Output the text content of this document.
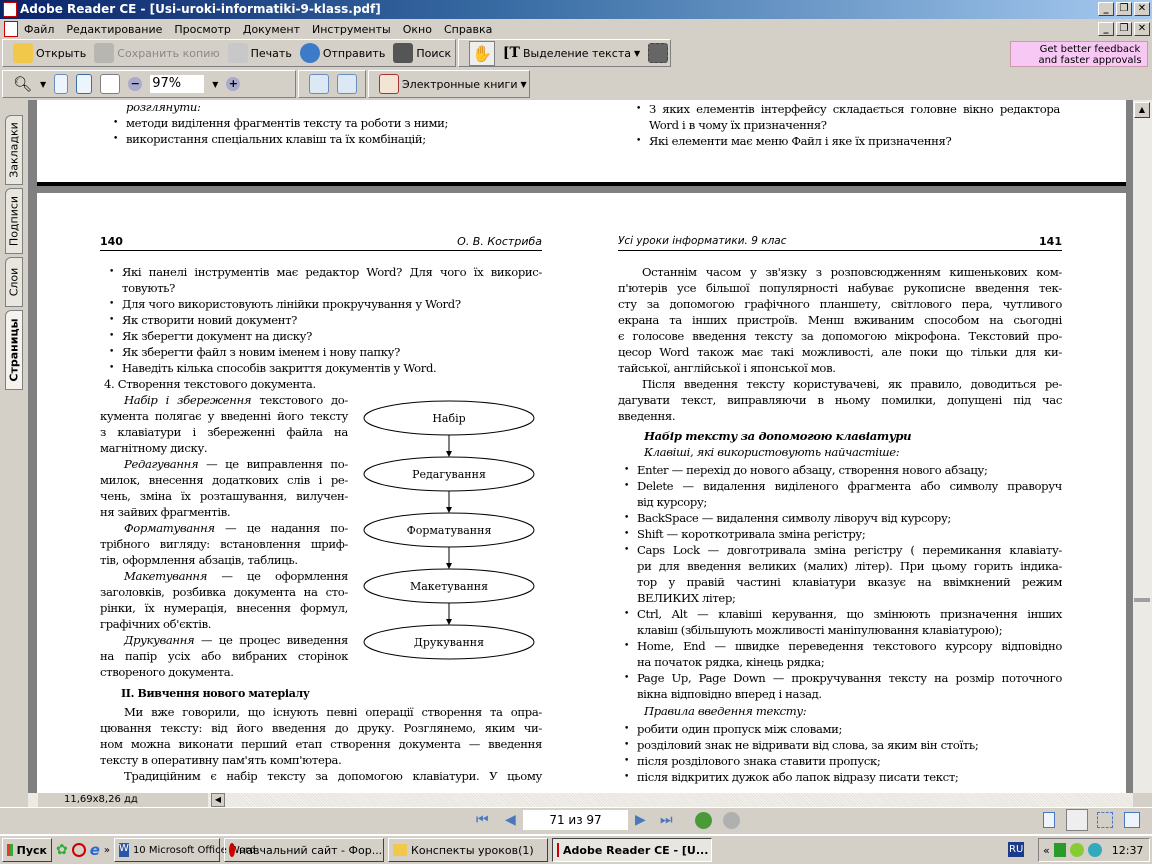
Adobe Reader CE - [Usi-uroki-informatiki-9-klass.pdf]	_	❐ ✕
Файл Редактирование Просмотр Документ Инструменты Окно Справка	_	❐ ✕
Открыть	Сохранить копию	Печать	Отправить	Поиск ✋ [T Выделение текста ▼	Get better feedback
and faster approvals
🔍︎ ▼	− 97%	▼ +	Электронные книги ▼
Закладки
Подписи
Слои
Страницы
розглянути:
• методи виділення фрагментів тексту та роботи з ними;
• використання спеціальних клавіш та їх комбінацій;
• З яких елементів інтерфейсу складається головне вікно редактора
Word і в чому їх призначення?
• Які елементи має меню Файл і яке їх призначення?
140	О. В. Костриба	Усі уроки інформатики. 9 клас	141
• Які панелі інструментів має редактор Word? Для чого їх викорис-
товують?
• Для чого використовують лінійки прокручування у Word?
• Як створити новий документ?
• Як зберегти документ на диску?
• Як зберегти файл з новим іменем і нову папку?
• Наведіть кілька способів закриття документів у Word.
4. Створення текстового документа.
Набір і збереження текстового до-
кумента полягає у введенні його тексту
з клавіатури і збереженні файла на
магнітному диску.
Редагування — це виправлення по-
милок, внесення додаткових слів і ре-
чень, зміна їх розташування, вилучен-
ня зайвих фрагментів.
Форматування — це надання по-
трібного вигляду: встановлення шриф-
тів, оформлення абзаців, таблиць.
Макетування — це оформлення
заголовків, розбивка документа на сто-
рінки, їх нумерація, внесення формул,
графічних об'єктів.
Друкування — це процес виведення
на папір усіх або вибраних сторінок
створеного документа.
Набір
Редагування
Форматування
Макетування
Друкування
II. Вивчення нового матеріалу
Ми вже говорили, що існують певні операції створення та опра-
цювання тексту: від його введення до друку. Розглянемо, яким чи-
ном можна виконати перший етап створення документа — введення
тексту в оперативну пам'ять комп'ютера.
Традиційним є набір тексту за допомогою клавіатури. У цьому
Останнім часом у зв'язку з розповсюдженням кишенькових ком-
п'ютерів усе більшої популярності набуває рукописне введення тек-
сту за допомогою графічного планшету, світлового пера, чутливого
екрана та інших пристроїв. Менш вживаним способом на сьогодні
є голосове введення тексту за допомогою мікрофона. Текстовий про-
цесор Word також має такі можливості, але поки що тільки для ки-
тайської, англійської і японської мов.
Після введення тексту користувачеві, як правило, доводиться ре-
дагувати текст, виправляючи в ньому помилки, допущені під час
введення.
Набір тексту за допомогою клавіатури
Клавіші, які використовують найчастіше:
• Enter — перехід до нового абзацу, створення нового абзацу;
• Delete — видалення виділеного фрагмента або символу праворуч
від курсору;
• BackSpace — видалення символу ліворуч від курсору;
• Shift — короткотривала зміна регістру;
• Caps Lock — довготривала зміна регістру ( перемикання клавіату-
ри для введення великих (малих) літер). При цьому горить індика-
тор у правій частині клавіатури вказує на ввімкнений режим
ВЕЛИКИХ літер;
• Ctrl, Alt — клавіші керування, що змінюють призначення інших
клавіш (збільшують можливості маніпулювання клавіатурою);
• Home, End — швидке переведення текстового курсору відповідно
на початок рядка, кінець рядка;
• Page Up, Page Down — прокручування тексту на розмір поточного
вікна відповідно вперед і назад.
Правила введення тексту:
• робити один пропуск між словами;
• розділовий знак не відривати від слова, за яким він стоїть;
• після розділового знака ставити пропуск;
• після відкритих дужок або лапок відразу писати текст;
▲
11,69x8,26 дд	◀
⏮ ◀	71 из 97	▶ ⏭
Пуск ✿ e » W 10 Microsoft Office Word
навчальний сайт - Фор...	Конспекты уроков(1)	Adobe Reader CE - [U...	RU «	12:37
